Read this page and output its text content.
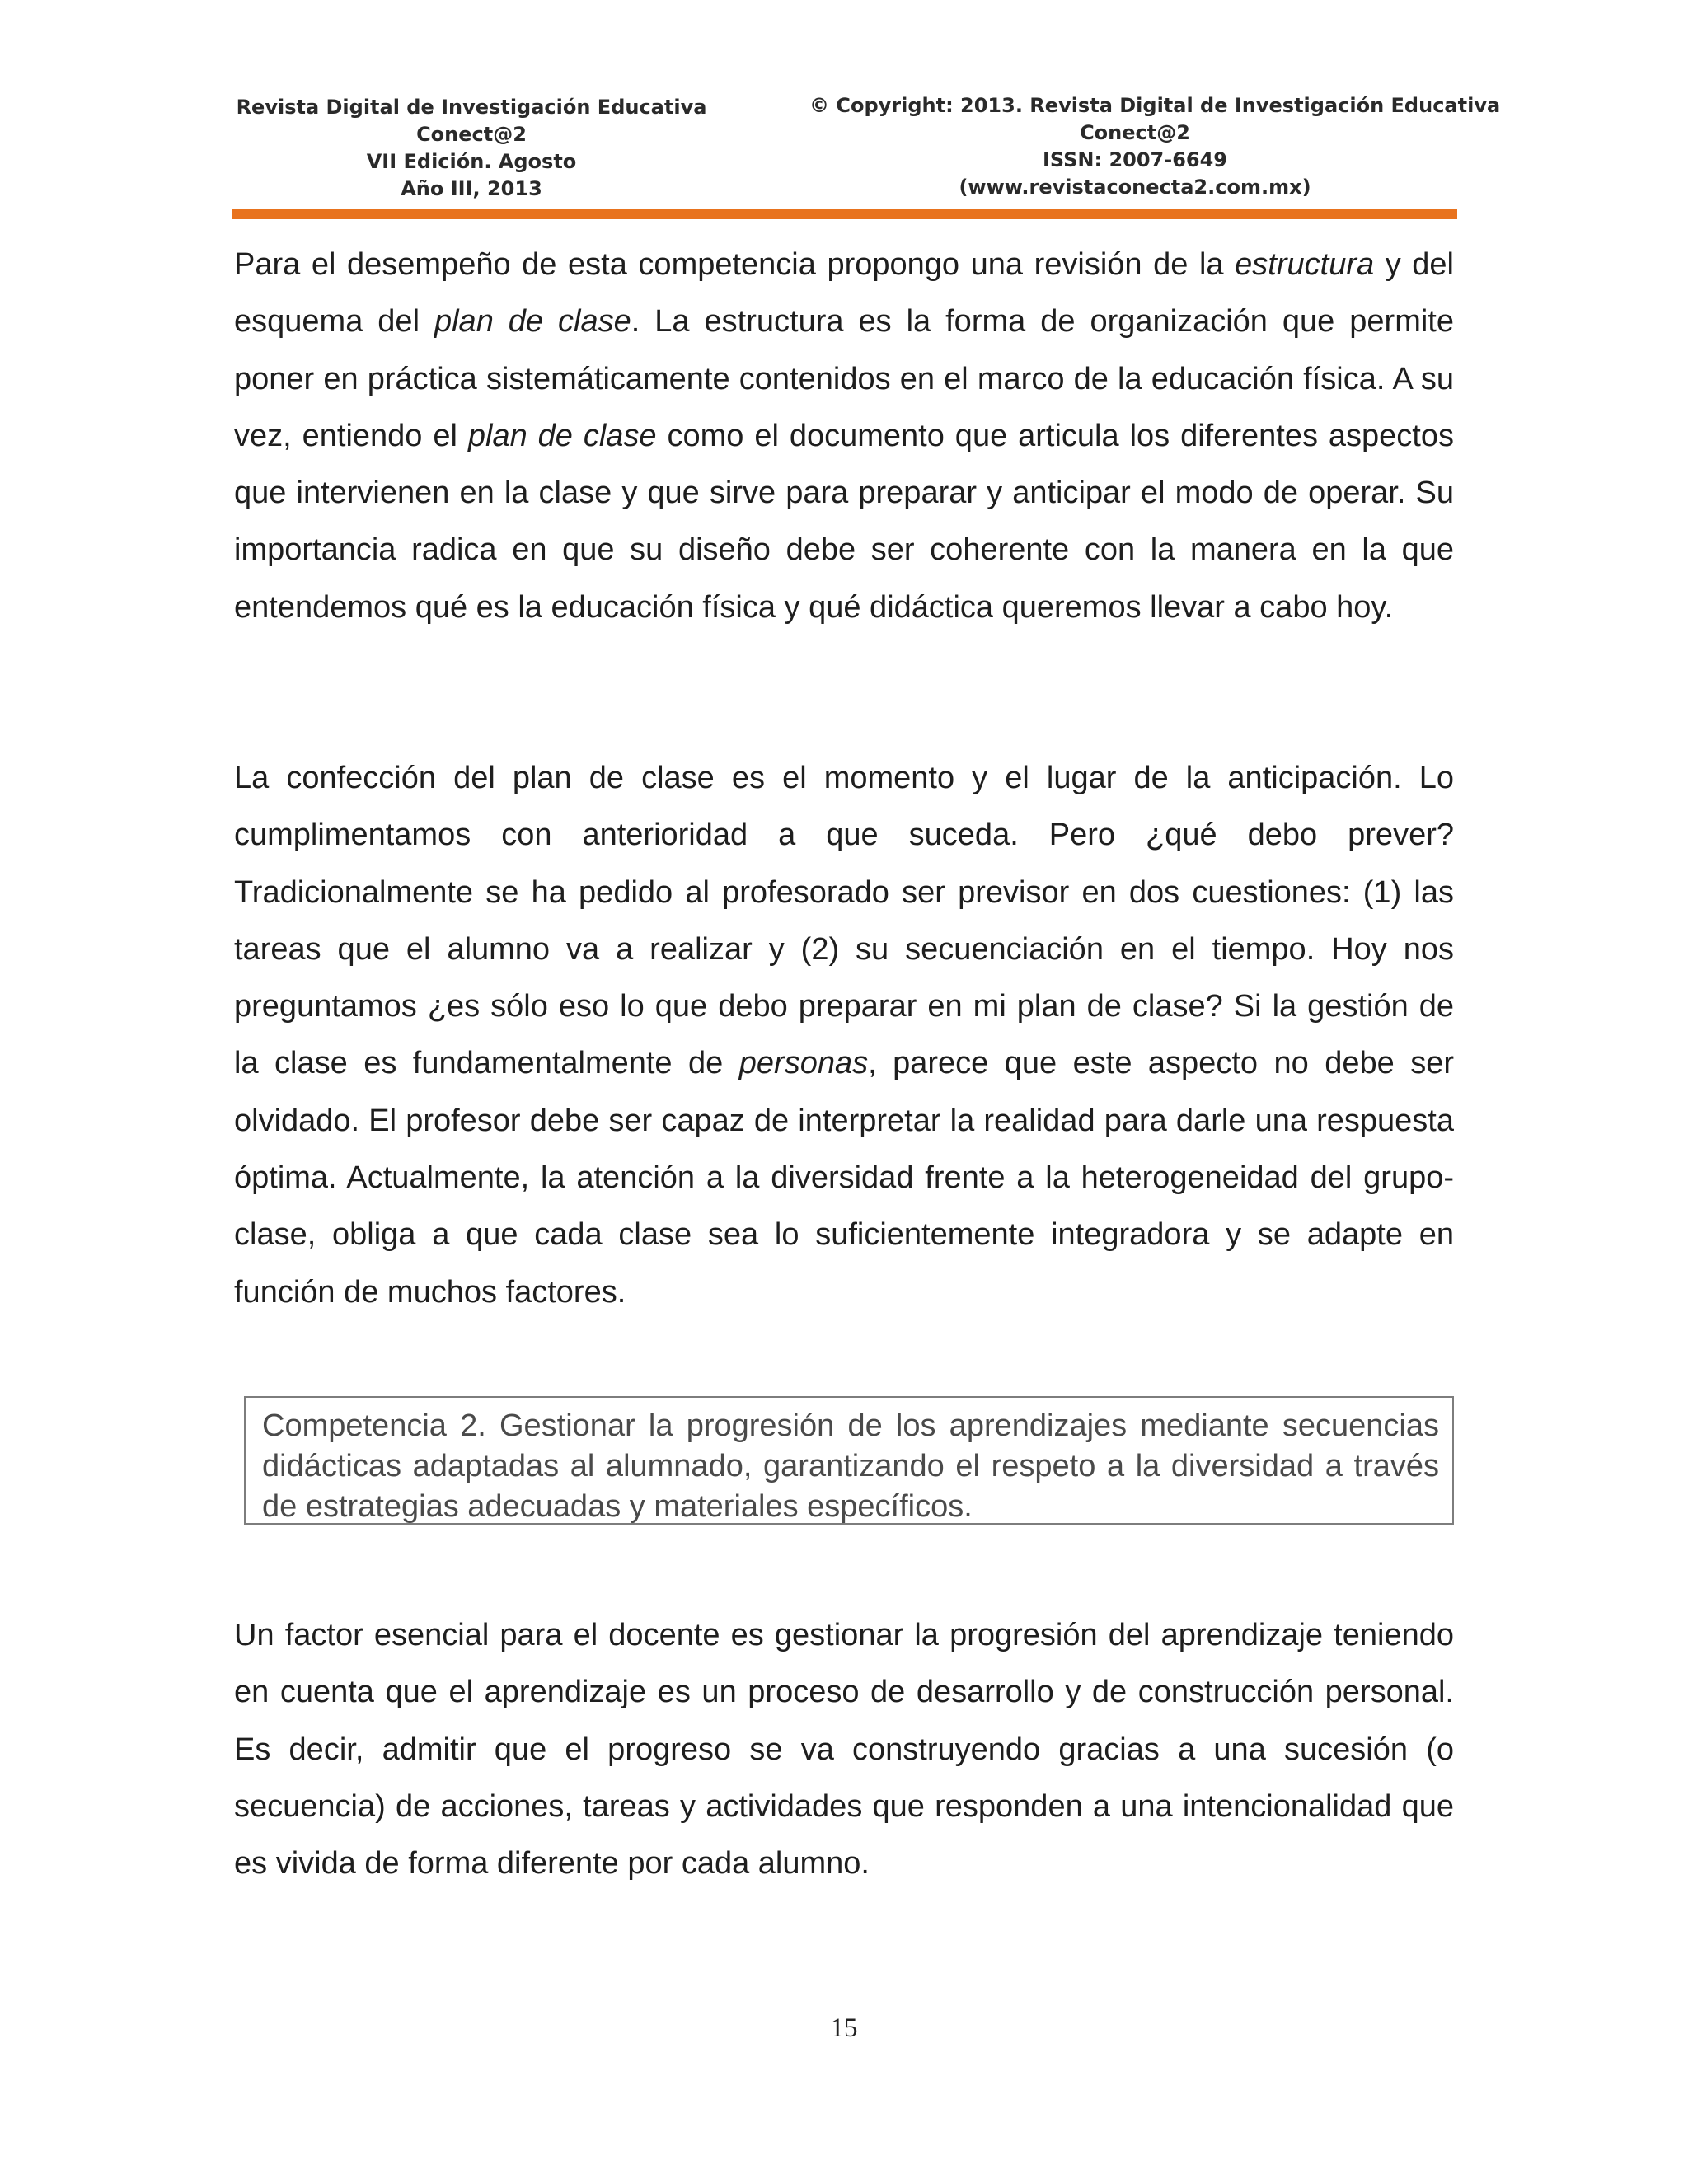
Revista Digital de Investigación Educativa
Conect@2
VII Edición. Agosto
Año III, 2013
© Copyright: 2013. Revista Digital de Investigación Educativa
Conect@2
ISSN: 2007-6649
(www.revistaconecta2.com.mx)

Para el desempeño de esta competencia propongo una revisión de la estructura y del esquema del plan de clase. La estructura es la forma de organización que permite poner en práctica sistemáticamente contenidos en el marco de la educación física. A su vez, entiendo el plan de clase como el documento que articula los diferentes aspectos que intervienen en la clase y que sirve para preparar y anticipar el modo de operar. Su importancia radica en que su diseño debe ser coherente con la manera en la que entendemos qué es la educación física y qué didáctica queremos llevar a cabo hoy.

La confección del plan de clase es el momento y el lugar de la anticipación. Lo cumplimentamos con anterioridad a que suceda. Pero ¿qué debo prever? Tradicionalmente se ha pedido al profesorado ser previsor en dos cuestiones: (1) las tareas que el alumno va a realizar y (2) su secuenciación en el tiempo. Hoy nos preguntamos ¿es sólo eso lo que debo preparar en mi plan de clase? Si la gestión de la clase es fundamentalmente de personas, parece que este aspecto no debe ser olvidado. El profesor debe ser capaz de interpretar la realidad para darle una respuesta óptima. Actualmente, la atención a la diversidad frente a la heterogeneidad del grupo-clase, obliga a que cada clase sea lo suficientemente integradora y se adapte en función de muchos factores.

Competencia 2. Gestionar la progresión de los aprendizajes mediante secuencias didácticas adaptadas al alumnado, garantizando el respeto a la diversidad a través de estrategias adecuadas y materiales específicos.

Un factor esencial para el docente es gestionar la progresión del aprendizaje teniendo en cuenta que el aprendizaje es un proceso de desarrollo y de construcción personal. Es decir, admitir que el progreso se va construyendo gracias a una sucesión (o secuencia) de acciones, tareas y actividades que responden a una intencionalidad que es vivida de forma diferente por cada alumno.

15
